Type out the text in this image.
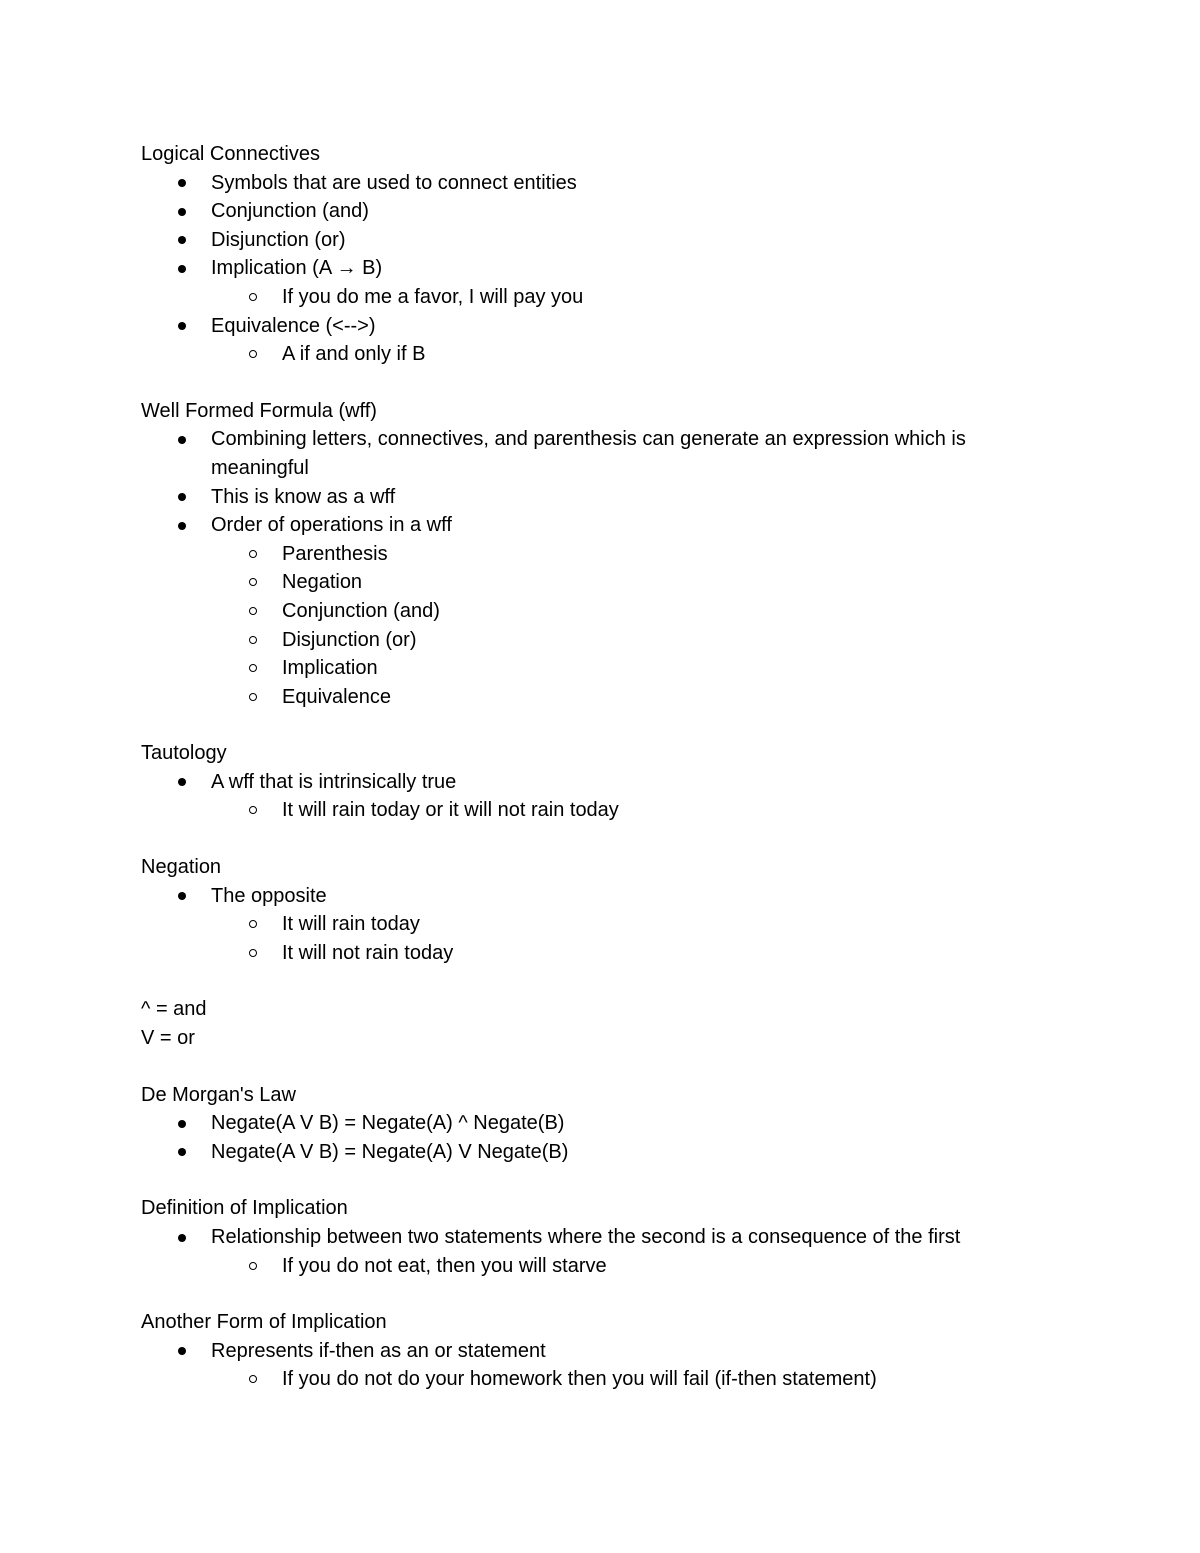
Logical Connectives

Symbols that are used to connect entities
Conjunction (and)
Disjunction (or)
Implication (A → B)
If you do me a favor, I will pay you
Equivalence (<-->)
A if and only if B

Well Formed Formula (wff)

Combining letters, connectives, and parenthesis can generate an expression which is meaningful
This is know as a wff
Order of operations in a wff
Parenthesis
Negation
Conjunction (and)
Disjunction (or)
Implication
Equivalence

Tautology

A wff that is intrinsically true
It will rain today or it will not rain today

Negation

The opposite
It will rain today
It will not rain today

^ = and

V = or

De Morgan's Law

Negate(A V B) = Negate(A) ^ Negate(B)
Negate(A V B) = Negate(A) V Negate(B)

Definition of Implication

Relationship between two statements where the second is a consequence of the first
If you do not eat, then you will starve

Another Form of Implication

Represents if-then as an or statement
If you do not do your homework then you will fail (if-then statement)
